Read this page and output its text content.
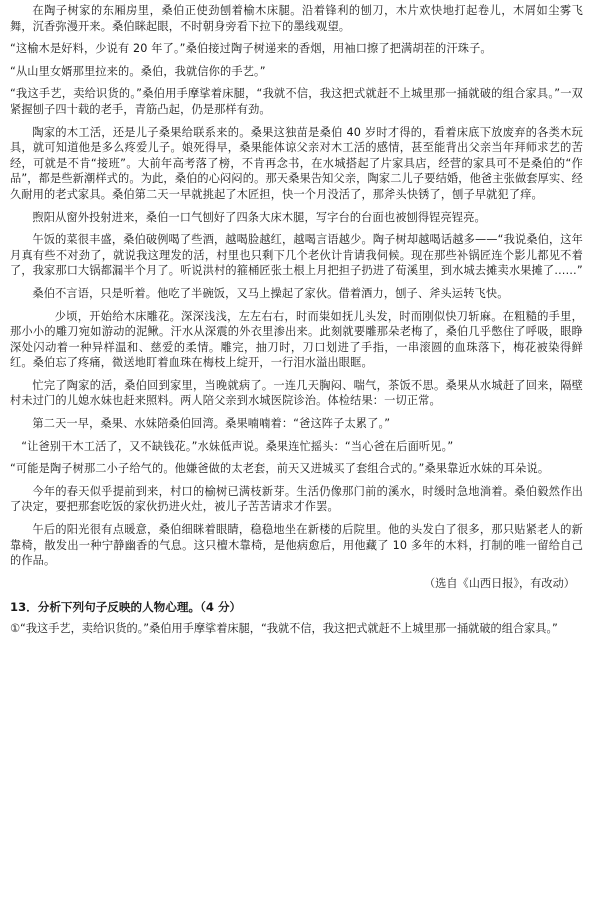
在陶子树家的东厢房里，桑伯正使劲刨着榆木床腿。沿着锋利的刨刀，木片欢快地打起卷儿，木屑如尘雾飞舞，沉香弥漫开来。桑伯眯起眼，不时朝身旁看下拉下的墨线观望。

“这榆木是好料，少说有 20 年了。”桑伯接过陶子树递来的香烟，用袖口擦了把满胡茬的汗珠子。

“从山里女婿那里拉来的。桑伯，我就信你的手艺。”

“我这手艺，卖给识货的。”桑伯用手摩挲着床腿，“我就不信，我这把式就赶不上城里那一捅就破的组合家具。”一双紧握刨子四十载的老手，青筋凸起，仍是那样有劲。

陶家的木工活，还是儿子桑果给联系来的。桑果这独苗是桑伯 40 岁时才得的，看着床底下放废弃的各类木玩具，就可知道他是多么疼爱儿子。娘死得早，桑果能体谅父亲对木工活的感情，甚至能背出父亲当年拜师求艺的苦经，可就是不肯“接班”。大前年高考落了榜，不肯再念书，在水城搭起了片家具店，经营的家具可不是桑伯的“作品”，都是些新潮样式的。为此，桑伯的心闷闷的。那天桑果告知父亲，陶家二儿子要结婚，他爸主张做套厚实、经久耐用的老式家具。桑伯第二天一早就挑起了木匠担，快一个月没活了，那斧头快锈了，刨子早就犯了痒。

煦阳从窗外投射进来，桑伯一口气刨好了四条大床木腿，写字台的台面也被刨得锃亮锃亮。

午饭的菜很丰盛，桑伯破例喝了些酒，越喝脸越红，越喝言语越少。陶子树却越喝话越多——“我说桑伯，这年月真有些不对劲了，就说我这理发的活，村里也只剩下几个老伙计肯请我伺候。现在那些补锅匠连个影儿都见不着了，我家那口大锅都漏半个月了。听说洪村的箍桶匠张土根上月把担子扔进了荀溪里，到水城去摊卖水果摊了……”

桑伯不言语，只是听着。他吃了半碗饭，又马上操起了家伙。借着酒力，刨子、斧头运转飞快。

少顷，开始给木床雕花。深深浅浅，左左右右，时而粜如抚儿头发，时而刚似快刀斩麻。在粗糙的手里，那小小的雕刀宛如游动的泥鳅。汗水从深震的外衣里渗出来。此刻就要雕那朵老梅了，桑伯几乎憋住了呼吸，眼睁深处闪动着一种异样温和、慈爱的柔情。雕完，抽刀时，刀口划进了手指，一串滚圆的血珠落下，梅花被染得鲜红。桑伯忘了疼痛，微送地盯着血珠在梅枝上绽开，一行泪水溢出眼眶。

忙完了陶家的活，桑伯回到家里，当晚就病了。一连几天胸闷、喘气，茶饭不思。桑果从水城赶了回来，隔壁村未过门的儿媳水妹也赶来照料。两人陪父亲到水城医院诊治。体检结果：一切正常。

第二天一早，桑果、水妹陪桑伯回湾。桑果喃喃着：“爸这阵子太累了。”

“让爸别干木工活了，又不缺钱花。”水妹低声说。桑果连忙摇头：“当心爸在后面听见。”

“可能是陶子树那二小子给气的。他嫌爸做的太老套，前天又进城买了套组合式的。”桑果靠近水妹的耳朵说。

今年的春天似乎提前到来，村口的榆树已满枝新芽。生活仍像那门前的溪水，时缓时急地淌着。桑伯毅然作出了决定，要把那套吃饭的家伙扔进火灶，被儿子苦苦请求才作罢。

午后的阳光很有点暖意，桑伯细眯着眼睛，稳稳地坐在新楼的后院里。他的头发白了很多，那只贴紧老人的新靠椅，散发出一种宁静幽香的气息。这只檀木靠椅，是他病愈后，用他藏了 10 多年的木料，打制的唯一留给自己的作品。

（选自《山西日报》，有改动）
13．分析下列句子反映的人物心理。（4 分）

①“我这手艺，卖给识货的。”桑伯用手摩挲着床腿，“我就不信，我这把式就赶不上城里那一捅就破的组合家具。”
